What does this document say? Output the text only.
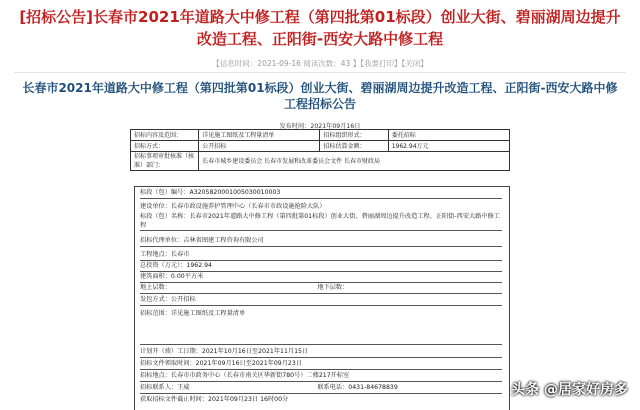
[招标公告]长春市2021年道路大中修工程（第四批第01标段）创业大街、碧丽湖周边提升改造工程、正阳街-西安大路中修工程
【信息时间：2021-09-16 阅读次数：43 】【我要打印】【关闭】
长春市2021年道路大中修工程（第四批第01标段）创业大街、碧丽湖周边提升改造工程、正阳街-西安大路中修工程招标公告
发布时间：2021年09月16日
招标内容及范围：	详见施工图纸及工程量清单	招标组织形式：	委托招标
招标方式：	公开招标	招标估算金额：	1962.94万元
招标事项审批核准（核准）部门：	长春市城乡建设委员会 长春市发展和改革委员会文件 长春市财政局		
标段（包）编号：A3205820001005030010003
建设单位：长春市政设施养护管理中心（长春市市政设施抢险大队）
标段（包）名称：长春市2021年道路大中修工程（第四批第01标段）创业大街、碧丽湖周边提升改造工程、正阳街-西安大路中修工程
招标代理单位：吉林省图建工程咨询有限公司
工程地点：长春市
总投资（万元）：1962.94
建筑面积：0.00平方米
地上层数：	地下层数：
发包方式：公开招标
招标范围：详见施工图纸及工程量清单
计划开（竣）工日期：2021年10月16日至2021年11月15日
招标文件领取时间：2021年09月16日至2021年09月23日
招标地点：长春市市政务中心（长春市南关区华新街780号）二楼217开标室
招标联系人：王威	联系电话：0431-84678839
获取招标文件截止时间：2021年09月23日 16时00分
头条 @居家好房多
